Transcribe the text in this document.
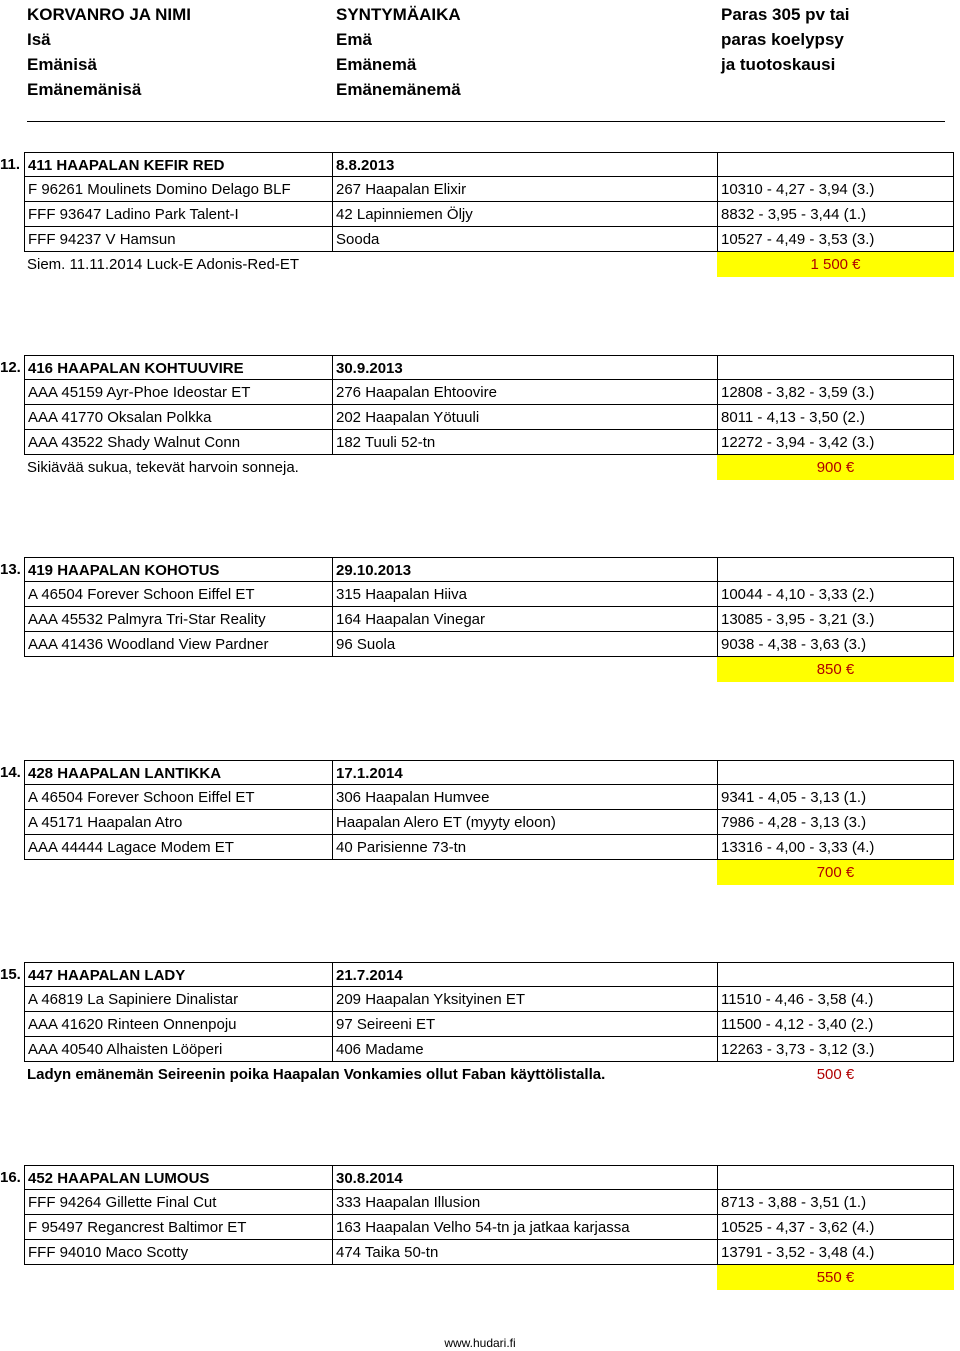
KORVANRO JA NIMI
Isä
Emänisä
Emänemänisä
SYNTYMÄAIKA
Emä
Emänemä
Emänemänemä
Paras 305 pv tai
paras koelypsy
ja tuotoskausi
11. 411 HAAPALAN KEFIR RED	8.8.2013
F 96261 Moulinets Domino Delago BLF	267 Haapalan Elixir	10310 - 4,27 - 3,94 (3.)
FFF 93647 Ladino Park Talent-I	42 Lapinniemen Öljy	8832 - 3,95 - 3,44 (1.)
FFF 94237 V Hamsun	Sooda	10527 - 4,49 - 3,53 (3.)
Siem. 11.11.2014 Luck-E Adonis-Red-ET	1 500 €
12. 416 HAAPALAN KOHTUUVIRE	30.9.2013
AAA 45159 Ayr-Phoe Ideostar ET	276 Haapalan Ehtoovire	12808 - 3,82 - 3,59 (3.)
AAA 41770 Oksalan Polkka	202 Haapalan Yötuuli	8011 - 4,13 - 3,50 (2.)
AAA 43522 Shady Walnut Conn	182 Tuuli 52-tn	12272 - 3,94 - 3,42 (3.)
Sikiävää sukua, tekevät harvoin sonneja.	900 €
13. 419 HAAPALAN KOHOTUS	29.10.2013
A 46504 Forever Schoon Eiffel ET	315 Haapalan Hiiva	10044 - 4,10 - 3,33 (2.)
AAA 45532 Palmyra Tri-Star Reality	164 Haapalan Vinegar	13085 - 3,95 - 3,21 (3.)
AAA 41436 Woodland View Pardner	96 Suola	9038 - 4,38 - 3,63 (3.)
850 €
14. 428 HAAPALAN LANTIKKA	17.1.2014
A 46504 Forever Schoon Eiffel ET	306 Haapalan Humvee	9341 - 4,05 - 3,13 (1.)
A 45171 Haapalan Atro	Haapalan Alero ET (myyty eloon)	7986 - 4,28 - 3,13 (3.)
AAA 44444 Lagace Modem ET	40 Parisienne 73-tn	13316 - 4,00 - 3,33 (4.)
700 €
15. 447 HAAPALAN LADY	21.7.2014
A 46819 La Sapiniere Dinalistar	209 Haapalan Yksityinen ET	11510 - 4,46 - 3,58 (4.)
AAA 41620 Rinteen Onnenpoju	97 Seireeni ET	11500 - 4,12 - 3,40 (2.)
AAA 40540 Alhaisten Lööperi	406 Madame	12263 - 3,73 - 3,12 (3.)
Ladyn emänemän Seireenin poika Haapalan Vonkamies ollut Faban käyttölistalla.	500 €
16. 452 HAAPALAN LUMOUS	30.8.2014
FFF 94264 Gillette Final Cut	333 Haapalan Illusion	8713 - 3,88 - 3,51 (1.)
F 95497 Regancrest Baltimor ET	163 Haapalan Velho 54-tn ja jatkaa karjassa	10525 - 4,37 - 3,62 (4.)
FFF 94010 Maco Scotty	474 Taika 50-tn	13791 - 3,52 - 3,48 (4.)
550 €
www.hudari.fi
